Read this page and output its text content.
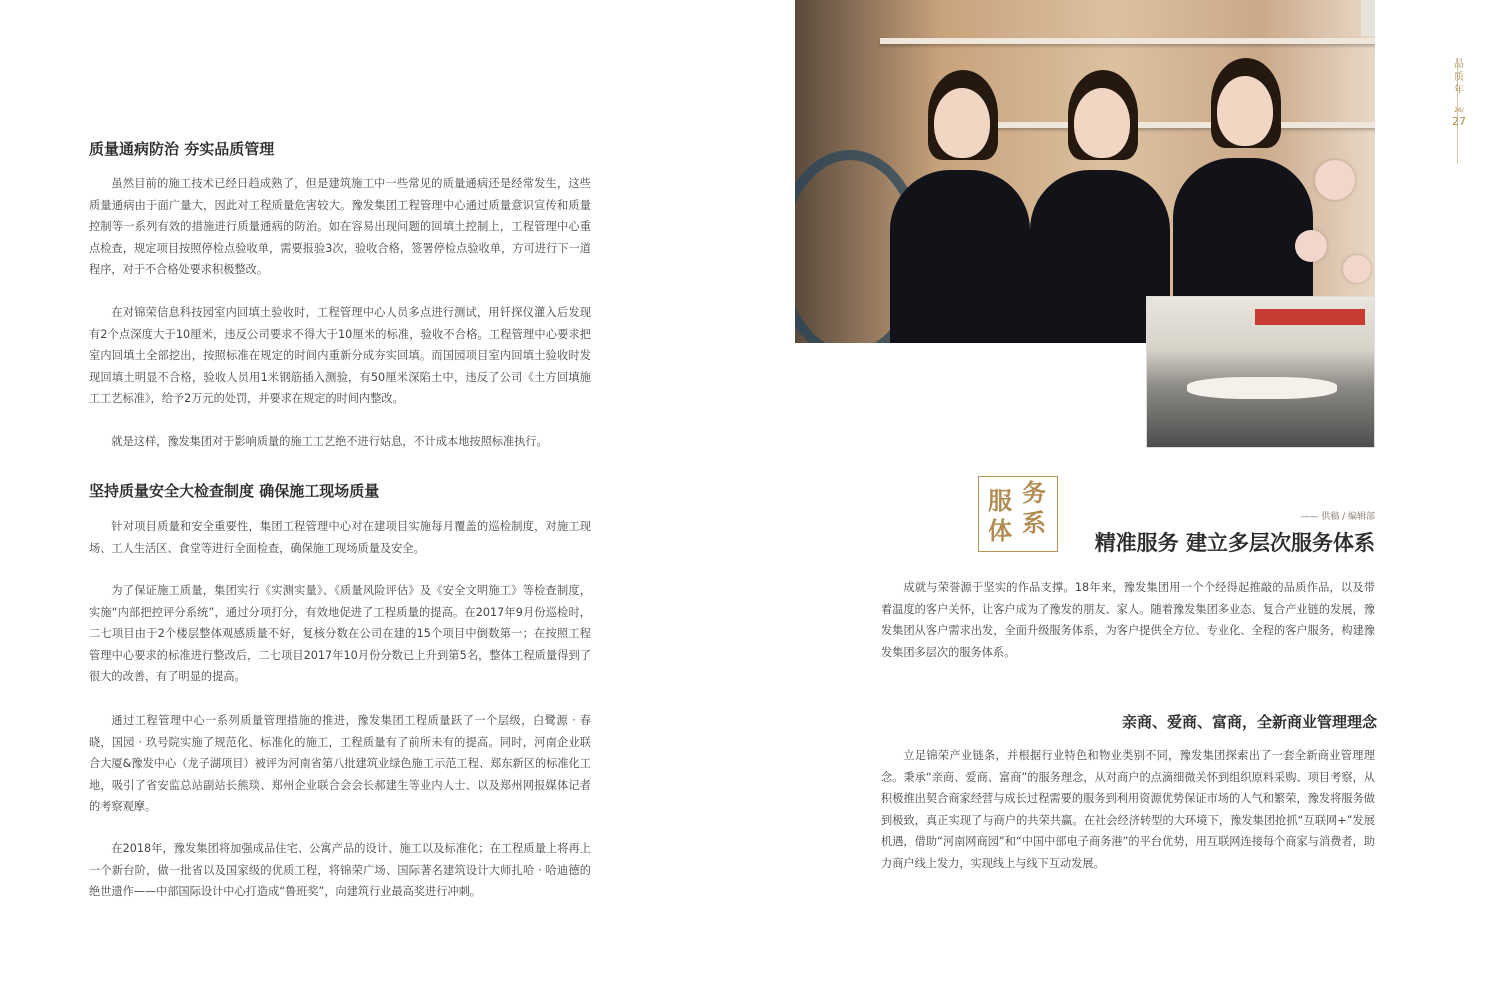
质量通病防治 夯实品质管理

虽然目前的施工技术已经日趋成熟了，但是建筑施工中一些常见的质量通病还是经常发生，这些质量通病由于面广量大，因此对工程质量危害较大。豫发集团工程管理中心通过质量意识宣传和质量控制等一系列有效的措施进行质量通病的防治。如在容易出现问题的回填土控制上，工程管理中心重点检查，规定项目按照停检点验收单，需要报验3次，验收合格，签署停检点验收单，方可进行下一道程序，对于不合格处要求积极整改。

在对锦荣信息科技园室内回填土验收时，工程管理中心人员多点进行测试，用钎探仪灌入后发现有2个点深度大于10厘米，违反公司要求不得大于10厘米的标准，验收不合格。工程管理中心要求把室内回填土全部挖出，按照标准在规定的时间内重新分成夯实回填。而国园项目室内回填土验收时发现回填土明显不合格，验收人员用1米钢筋插入测验，有50厘米深陷土中，违反了公司《土方回填施工工艺标准》，给予2万元的处罚，并要求在规定的时间内整改。

就是这样，豫发集团对于影响质量的施工工艺绝不进行姑息，不计成本地按照标准执行。

坚持质量安全大检查制度 确保施工现场质量

针对项目质量和安全重要性，集团工程管理中心对在建项目实施每月覆盖的巡检制度，对施工现场、工人生活区、食堂等进行全面检查，确保施工现场质量及安全。

为了保证施工质量，集团实行《实测实量》、《质量风险评估》及《安全文明施工》等检查制度，实施“内部把控评分系统”，通过分项打分，有效地促进了工程质量的提高。在2017年9月份巡检时，二七项目由于2个楼层整体观感质量不好，复核分数在公司在建的15个项目中倒数第一；在按照工程管理中心要求的标准进行整改后，二七项目2017年10月份分数已上升到第5名，整体工程质量得到了很大的改善，有了明显的提高。

通过工程管理中心一系列质量管理措施的推进，豫发集团工程质量跃了一个层级，白鹭源 · 春晓，国园 · 玖号院实施了规范化、标准化的施工，工程质量有了前所未有的提高。同时，河南企业联合大厦&豫发中心（龙子湖项目）被评为河南省第八批建筑业绿色施工示范工程、郑东新区的标准化工地，吸引了省安监总站副站长熊琰、郑州企业联合会会长郝建生等业内人士、以及郑州网报媒体记者的考察观摩。

在2018年，豫发集团将加强成品住宅、公寓产品的设计、施工以及标准化；在工程质量上将再上一个新台阶，做一批省以及国家级的优质工程，将锦荣广场、国际著名建筑设计大师扎哈 · 哈迪德的绝世遗作——中部国际设计中心打造成“鲁班奖”，向建筑行业最高奖进行冲刺。

服 务
体 系	—— 供稿 / 编辑部
精准服务 建立多层次服务体系

成就与荣誉源于坚实的作品支撑。18年来，豫发集团用一个个经得起推敲的品质作品，以及带着温度的客户关怀，让客户成为了豫发的朋友、家人。随着豫发集团多业态、复合产业链的发展，豫发集团从客户需求出发，全面升级服务体系，为客户提供全方位、专业化、全程的客户服务，构建豫发集团多层次的服务体系。

亲商、爱商、富商，全新商业管理理念

立足锦荣产业链条，并根据行业特色和物业类别不同，豫发集团探索出了一套全新商业管理理念。秉承“亲商、爱商、富商”的服务理念，从对商户的点滴细微关怀到组织原料采购、项目考察，从积极推出契合商家经营与成长过程需要的服务到利用资源优势保证市场的人气和繁荣，豫发将服务做到极致，真正实现了与商户的共荣共赢。在社会经济转型的大环境下，豫发集团抢抓“互联网+”发展机遇，借助“河南网商园”和“中国中部电子商务港”的平台优势，用互联网连接每个商家与消费者，助力商户线上发力，实现线上与线下互动发展。

品
质
年
26/
27
